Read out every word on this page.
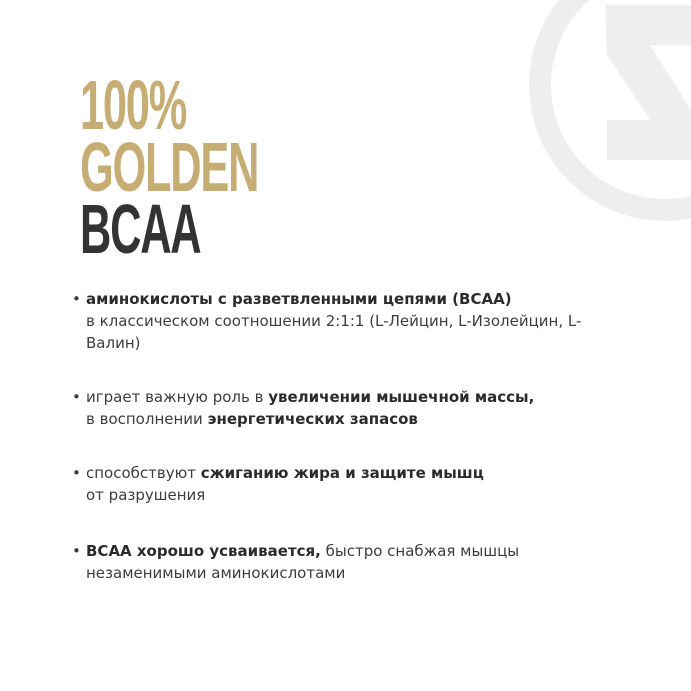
100%
GOLDEN
BCAA
• аминокислоты с разветвленными цепями (BCAA)
в классическом соотношении 2:1:1 (L-Лейцин, L-Изолейцин, L-Валин)
• играет важную роль в увеличении мышечной массы,
в восполнении энергетических запасов
• способствуют сжиганию жира и защите мышц
от разрушения
• BCAA хорошо усваивается, быстро снабжая мышцы незаменимыми аминокислотами
